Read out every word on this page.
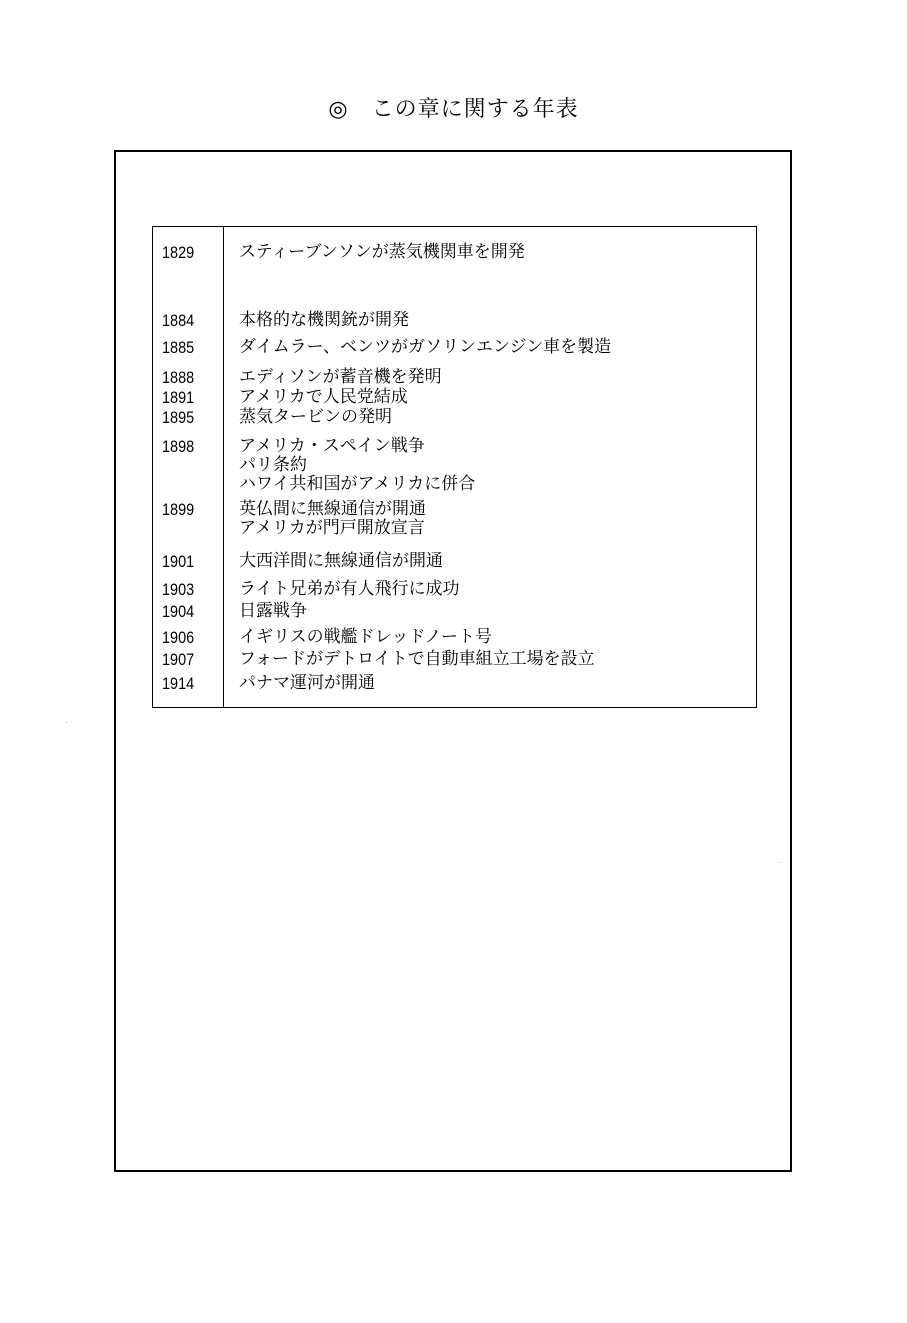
◎　この章に関する年表
1829	スティーブンソンが蒸気機関車を開発
1884	本格的な機関銃が開発
1885	ダイムラー、ベンツがガソリンエンジン車を製造
1888	エディソンが蓄音機を発明
1891	アメリカで人民党結成
1895	蒸気タービンの発明
1898	アメリカ・スペイン戦争
パリ条約
ハワイ共和国がアメリカに併合
1899	英仏間に無線通信が開通
アメリカが門戸開放宣言
1901	大西洋間に無線通信が開通
1903	ライト兄弟が有人飛行に成功
1904	日露戦争
1906	イギリスの戦艦ドレッドノート号
1907	フォードがデトロイトで自動車組立工場を設立
1914	パナマ運河が開通
